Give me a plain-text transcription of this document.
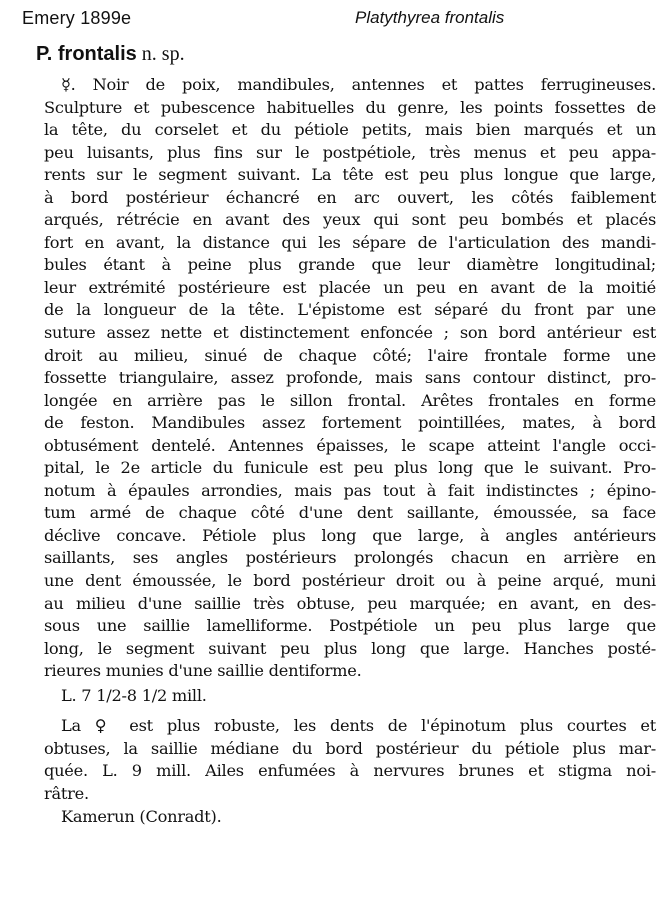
Emery 1899e	Platythyrea frontalis
P. frontalis n. sp.
☿. Noir de poix, mandibules, antennes et pattes ferrugineuses.
Sculpture et pubescence habituelles du genre, les points fossettes de
la tête, du corselet et du pétiole petits, mais bien marqués et un
peu luisants, plus fins sur le postpétiole, très menus et peu appa-
rents sur le segment suivant. La tête est peu plus longue que large,
à bord postérieur échancré en arc ouvert, les côtés faiblement
arqués, rétrécie en avant des yeux qui sont peu bombés et placés
fort en avant, la distance qui les sépare de l'articulation des mandi-
bules étant à peine plus grande que leur diamètre longitudinal;
leur extrémité postérieure est placée un peu en avant de la moitié
de la longueur de la tête. L'épistome est séparé du front par une
suture assez nette et distinctement enfoncée ; son bord antérieur est
droit au milieu, sinué de chaque côté; l'aire frontale forme une
fossette triangulaire, assez profonde, mais sans contour distinct, pro-
longée en arrière pas le sillon frontal. Arêtes frontales en forme
de feston. Mandibules assez fortement pointillées, mates, à bord
obtusément dentelé. Antennes épaisses, le scape atteint l'angle occi-
pital, le 2e article du funicule est peu plus long que le suivant. Pro-
notum à épaules arrondies, mais pas tout à fait indistinctes ; épino-
tum armé de chaque côté d'une dent saillante, émoussée, sa face
déclive concave. Pétiole plus long que large, à angles antérieurs
saillants, ses angles postérieurs prolongés chacun en arrière en
une dent émoussée, le bord postérieur droit ou à peine arqué, muni
au milieu d'une saillie très obtuse, peu marquée; en avant, en des-
sous une saillie lamelliforme. Postpétiole un peu plus large que
long, le segment suivant peu plus long que large. Hanches posté-
rieures munies d'une saillie dentiforme.
L. 7 1/2-8 1/2 mill.
La ♀ est plus robuste, les dents de l'épinotum plus courtes et
obtuses, la saillie médiane du bord postérieur du pétiole plus mar-
quée. L. 9 mill. Ailes enfumées à nervures brunes et stigma noi-
râtre.
Kamerun (Conradt).
